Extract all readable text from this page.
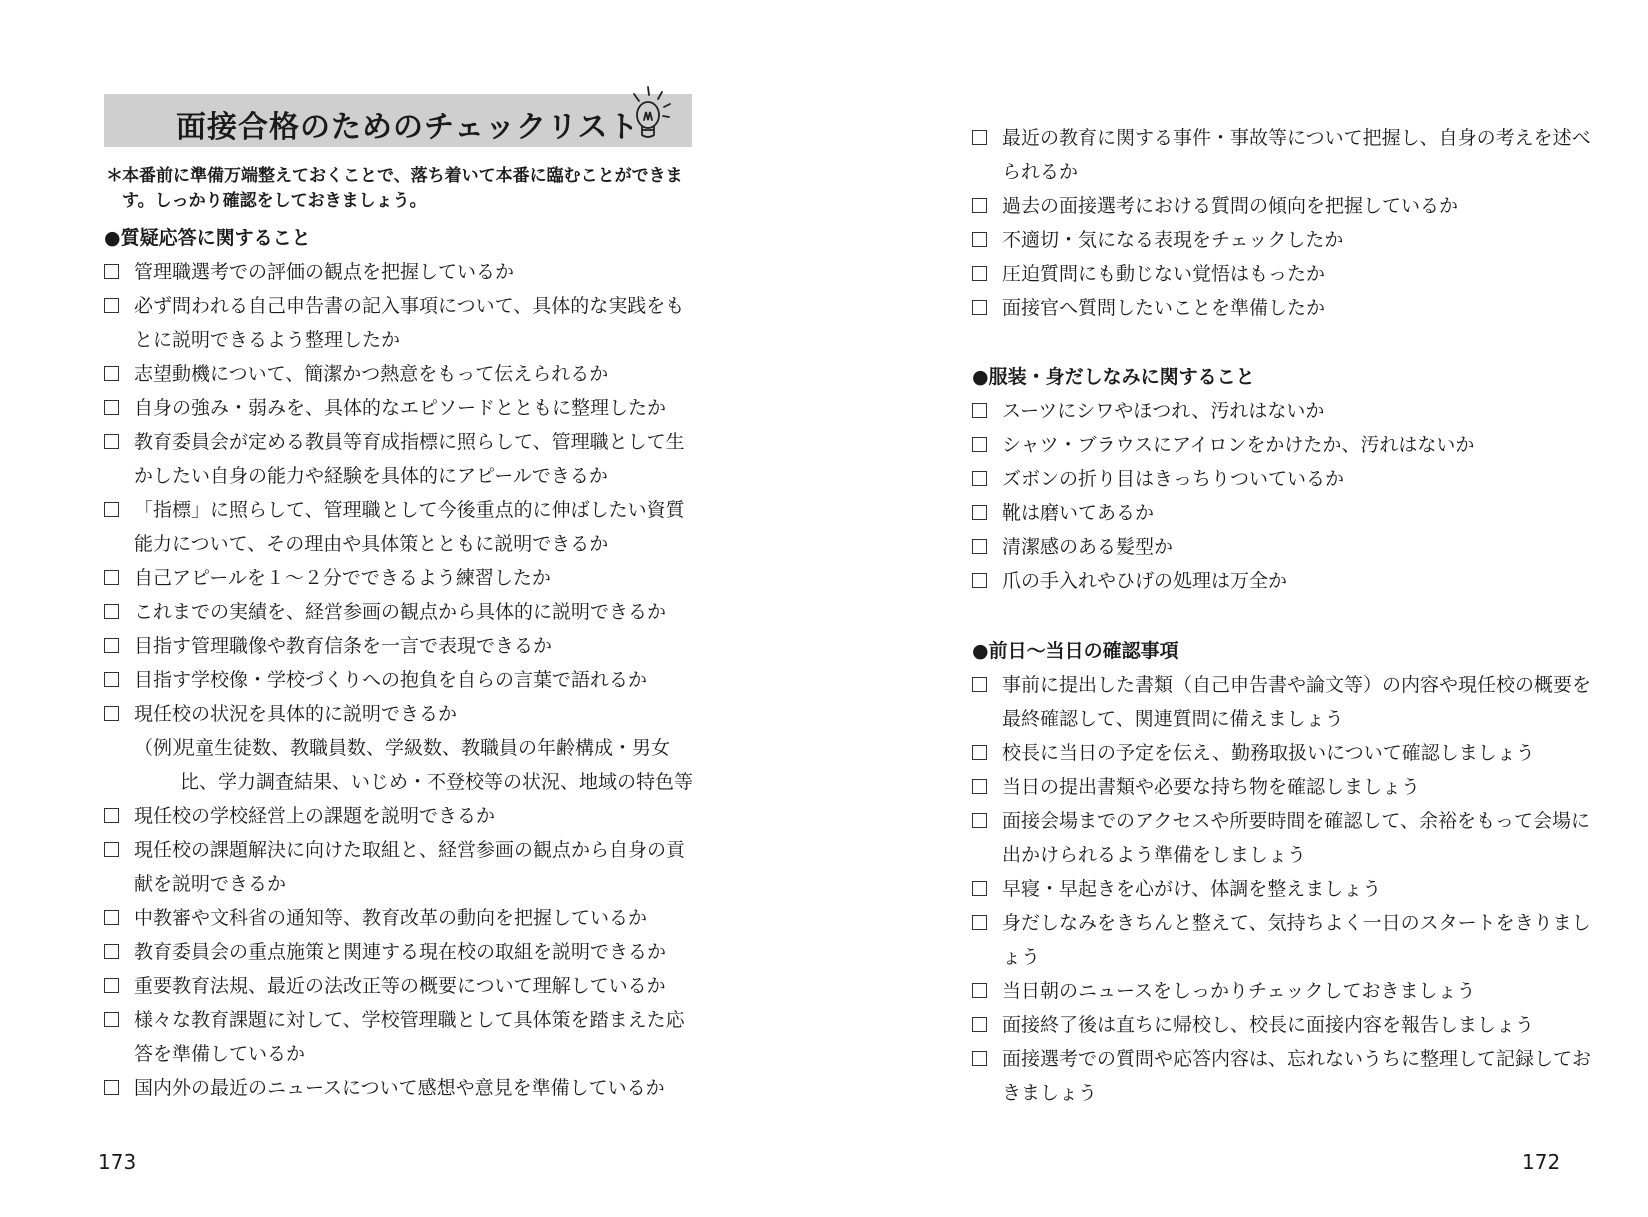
面接合格のためのチェックリスト
＊ 本番前に準備万端整えておくことで、落ち着いて本番に臨むことができます。しっかり確認をしておきましょう。
●質疑応答に関すること
管理職選考での評価の観点を把握しているか
必ず問われる自己申告書の記入事項について、具体的な実践をもとに説明できるよう整理したか
志望動機について、簡潔かつ熱意をもって伝えられるか
自身の強み・弱みを、具体的なエピソードとともに整理したか
教育委員会が定める教員等育成指標に照らして、管理職として生かしたい自身の能力や経験を具体的にアピールできるか
「指標」に照らして、管理職として今後重点的に伸ばしたい資質能力について、その理由や具体策とともに説明できるか
自己アピールを１～２分でできるよう練習したか
これまでの実績を、経営参画の観点から具体的に説明できるか
目指す管理職像や教育信条を一言で表現できるか
目指す学校像・学校づくりへの抱負を自らの言葉で語れるか
現任校の状況を具体的に説明できるか
（例）
児童生徒数、教職員数、学級数、教職員の年齢構成・男女比、学力調査結果、いじめ・不登校等の状況、地域の特色等
現任校の学校経営上の課題を説明できるか
現任校の課題解決に向けた取組と、経営参画の観点から自身の貢献を説明できるか
中教審や文科省の通知等、教育改革の動向を把握しているか
教育委員会の重点施策と関連する現在校の取組を説明できるか
重要教育法規、最近の法改正等の概要について理解しているか
様々な教育課題に対して、学校管理職として具体策を踏まえた応答を準備しているか
国内外の最近のニュースについて感想や意見を準備しているか
173
最近の教育に関する事件・事故等について把握し、自身の考えを述べられるか
過去の面接選考における質問の傾向を把握しているか
不適切・気になる表現をチェックしたか
圧迫質問にも動じない覚悟はもったか
面接官へ質問したいことを準備したか
●服装・身だしなみに関すること
スーツにシワやほつれ、汚れはないか
シャツ・ブラウスにアイロンをかけたか、汚れはないか
ズボンの折り目はきっちりついているか
靴は磨いてあるか
清潔感のある髪型か
爪の手入れやひげの処理は万全か
●前日～当日の確認事項
事前に提出した書類（自己申告書や論文等）の内容や現任校の概要を最終確認して、関連質問に備えましょう
校長に当日の予定を伝え、勤務取扱いについて確認しましょう
当日の提出書類や必要な持ち物を確認しましょう
面接会場までのアクセスや所要時間を確認して、余裕をもって会場に出かけられるよう準備をしましょう
早寝・早起きを心がけ、体調を整えましょう
身だしなみをきちんと整えて、気持ちよく一日のスタートをきりましょう
当日朝のニュースをしっかりチェックしておきましょう
面接終了後は直ちに帰校し、校長に面接内容を報告しましょう
面接選考での質問や応答内容は、忘れないうちに整理して記録しておきましょう
172
